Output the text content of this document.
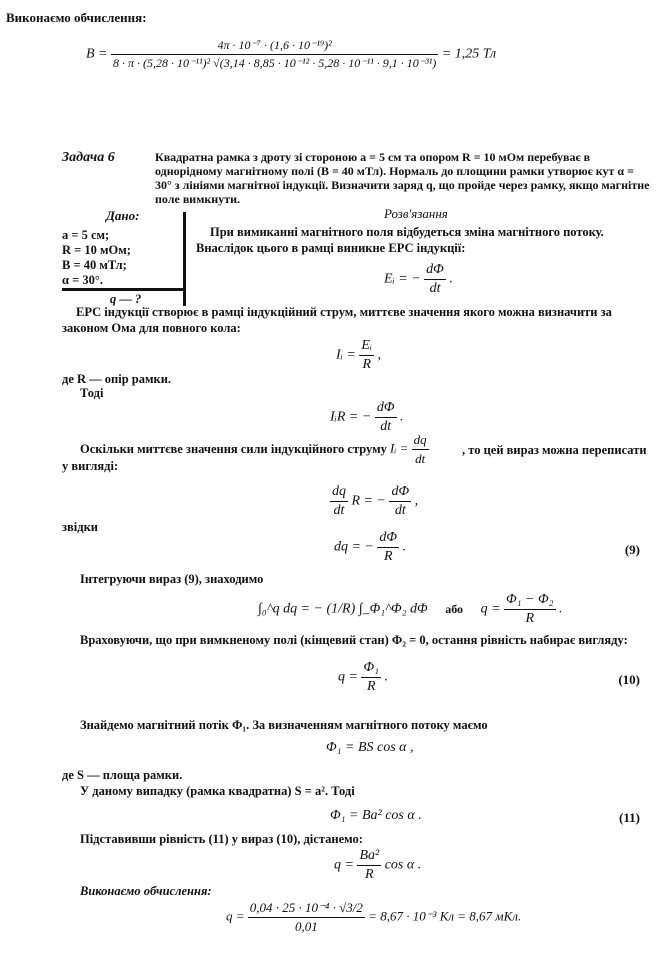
Виконаємо обчислення:
B =
4π · 10⁻⁷ · (1,6 · 10⁻¹⁹)²
8 · π · (5,28 · 10⁻¹¹)² √(3,14 · 8,85 · 10⁻¹² · 5,28 · 10⁻¹¹ · 9,1 · 10⁻³¹)
= 1,25 Тл
Задача 6	Квадратна рамка з дроту зі стороною a = 5 см та опором R = 10 мОм перебуває в однорідному магнітному полі (B = 40 мТл). Нормаль до площини рамки утворює кут α = 30° з лініями магнітної індукції. Визначити заряд q, що пройде через рамку, якщо магнітне поле вимкнути.
Дано:
a = 5 см;
R = 10 мОм;
B = 40 мТл;
α = 30°.
q — ?
Розв'язання
При вимиканні магнітного поля відбудеться зміна магнітного потоку. Внаслідок цього в рамці виникне ЕРС індукції:
Eᵢ = − $\frac{d\Phi}{dt}$ .
ЕРС індукції створює в рамці індукційний струм, миттєве значення якого можна визначити за законом Ома для повного кола:
Iᵢ = $\frac{\text{Eᵢ}}{R}$ ,
де R — опір рамки.
Тоді
IᵢR = − $\frac{d\Phi}{dt}$ .
Оскільки миттєве значення сили індукційного струму Iᵢ = $\frac{dq}{dt}$	, то цей вираз можна переписати у вигляді:
$\frac{dq}{dt}$ R = − $\frac{d\Phi}{dt}$ ,
звідки
dq = − $\frac{d\Phi}{R}$ .	(9)
Інтегруючи вираз (9), знаходимо
∫₀^q dq = − (1/R) ∫_Φ₁^Φ₂ dΦ або $q = \frac{\text{Φ₁ − Φ₂}}{R}$ .
Враховуючи, що при вимкненому полі (кінцевий стан) Φ₂ = 0, остання рівність набирає вигляду:
$q = \frac{\text{Φ₁}}{R}$ .	(10)
Знайдемо магнітний потік Φ₁. За визначенням магнітного потоку маємо
Φ₁ = BS cos α ,
де S — площа рамки.
У даному випадку (рамка квадратна) S = a². Тоді
Φ₁ = Ba² cos α .	(11)
Підставивши рівність (11) у вираз (10), дістанемо:
$q = \frac{\text{Ba²}}{R}$ cos α .
Виконаємо обчислення:
$q = \frac{\text{0,04 · 25 · 10⁻⁴ · √3/2}}{0,01} = 8,67 \cdot 10^{-3}$ Кл = 8,67 мКл.
